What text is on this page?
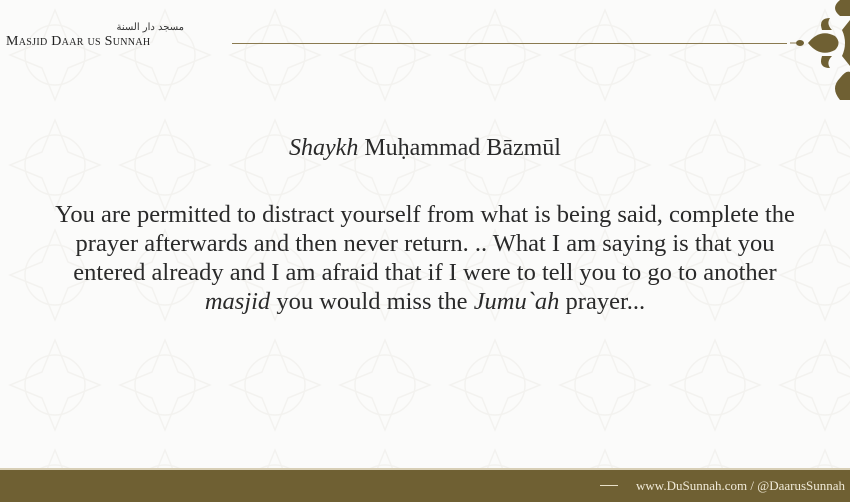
مسجد دار السنة
Masjid Daar us Sunnah
Shaykh Muḥammad Bāzmūl
You are permitted to distract yourself from what is being said, complete the prayer afterwards and then never return. .. What I am saying is that you entered already and I am afraid that if I were to tell you to go to another masjid you would miss the Jumu`ah prayer...
www.DuSunnah.com / @DaarusSunnah
